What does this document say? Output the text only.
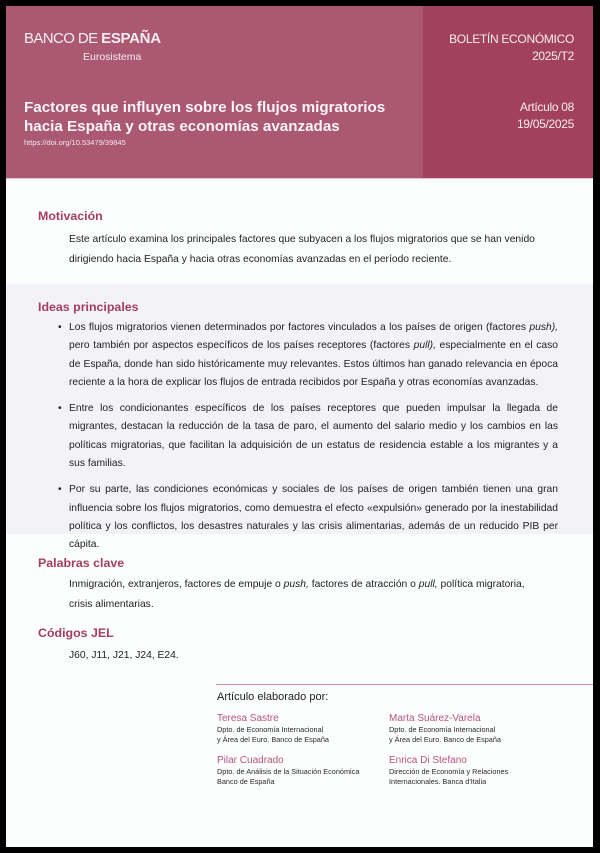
BANCO DE ESPAÑA
Eurosistema
Factores que influyen sobre los flujos migratorios
hacia España y otras economías avanzadas
https://doi.org/10.53479/39845
BOLETÍN ECONÓMICO
2025/T2
Artículo 08
19/05/2025
Motivación
Este artículo examina los principales factores que subyacen a los flujos migratorios que se han venido dirigiendo hacia España y hacia otras economías avanzadas en el período reciente.
Ideas principales
• Los flujos migratorios vienen determinados por factores vinculados a los países de origen (factores push), pero también por aspectos específicos de los países receptores (factores pull), especialmente en el caso de España, donde han sido históricamente muy relevantes. Estos últimos han ganado relevancia en época reciente a la hora de explicar los flujos de entrada recibidos por España y otras economías avanzadas.
• Entre los condicionantes específicos de los países receptores que pueden impulsar la llegada de migrantes, destacan la reducción de la tasa de paro, el aumento del salario medio y los cambios en las políticas migratorias, que facilitan la adquisición de un estatus de residencia estable a los migrantes y a sus familias.
• Por su parte, las condiciones económicas y sociales de los países de origen también tienen una gran influencia sobre los flujos migratorios, como demuestra el efecto «expulsión» generado por la inestabilidad política y los conflictos, los desastres naturales y las crisis alimentarias, además de un reducido PIB per cápita.
Palabras clave
Inmigración, extranjeros, factores de empuje o push, factores de atracción o pull, política migratoria, crisis alimentarias.
Códigos JEL
J60, J11, J21, J24, E24.
Artículo elaborado por:
Teresa Sastre
Dpto. de Economía Internacional
y Área del Euro. Banco de España
Marta Suárez-Varela
Dpto. de Economía Internacional
y Área del Euro. Banco de España
Pilar Cuadrado
Dpto. de Análisis de la Situación Económica
Banco de España
Enrica Di Stefano
Dirección de Economía y Relaciones
Internacionales. Banca d'Italia
